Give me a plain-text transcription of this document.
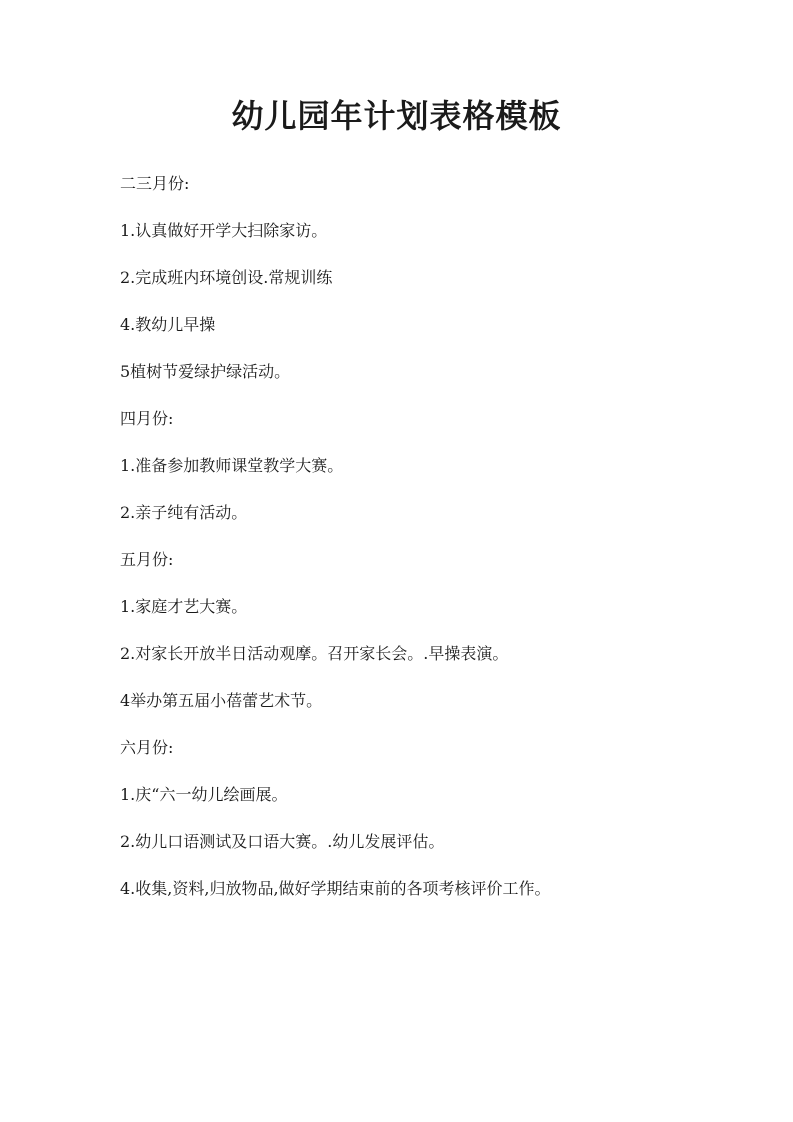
幼儿园年计划表格模板
二三月份:
1.认真做好开学大扫除家访。
2.完成班内环境创设.常规训练
4.教幼儿早操
5植树节爱绿护绿活动。
四月份:
1.准备参加教师课堂教学大赛。
2.亲子纯有活动。
五月份:
1.家庭才艺大赛。
2.对家长开放半日活动观摩。召开家长会。.早操表演。
4举办第五届小蓓蕾艺术节。
六月份:
1.庆“六一幼儿绘画展。
2.幼儿口语测试及口语大赛。.幼儿发展评估。
4.收集,资料,归放物品,做好学期结束前的各项考核评价工作。
